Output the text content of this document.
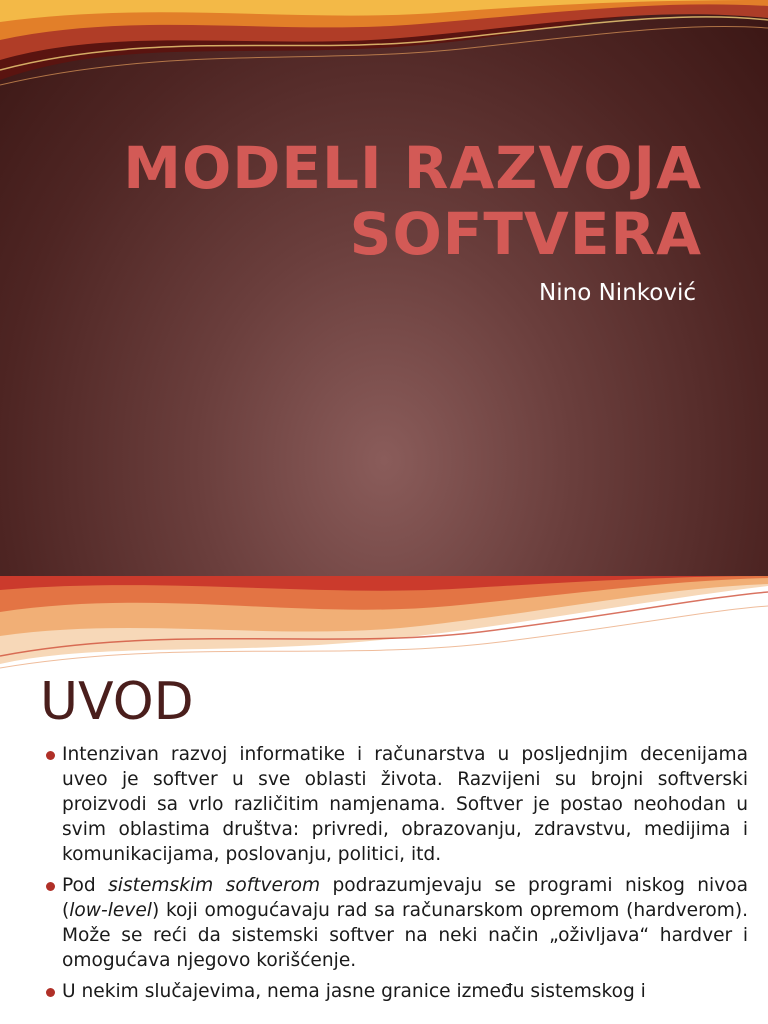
MODELI RAZVOJA
SOFTVERA
Nino Ninković
UVOD
Intenzivan razvoj informatike i računarstva u posljednjim decenijama uveo je softver u sve oblasti života. Razvijeni su brojni softverski proizvodi sa vrlo različitim namjenama. Softver je postao neohodan u svim oblastima društva: privredi, obrazovanju, zdravstvu, medijima i komunikacijama, poslovanju, politici, itd.
Pod sistemskim softverom podrazumjevaju se programi niskog nivoa (low-level) koji omogućavaju rad sa računarskom opremom (hardverom). Može se reći da sistemski softver na neki način „oživljava“ hardver i omogućava njegovo korišćenje.
U nekim slučajevima, nema jasne granice između sistemskog i
